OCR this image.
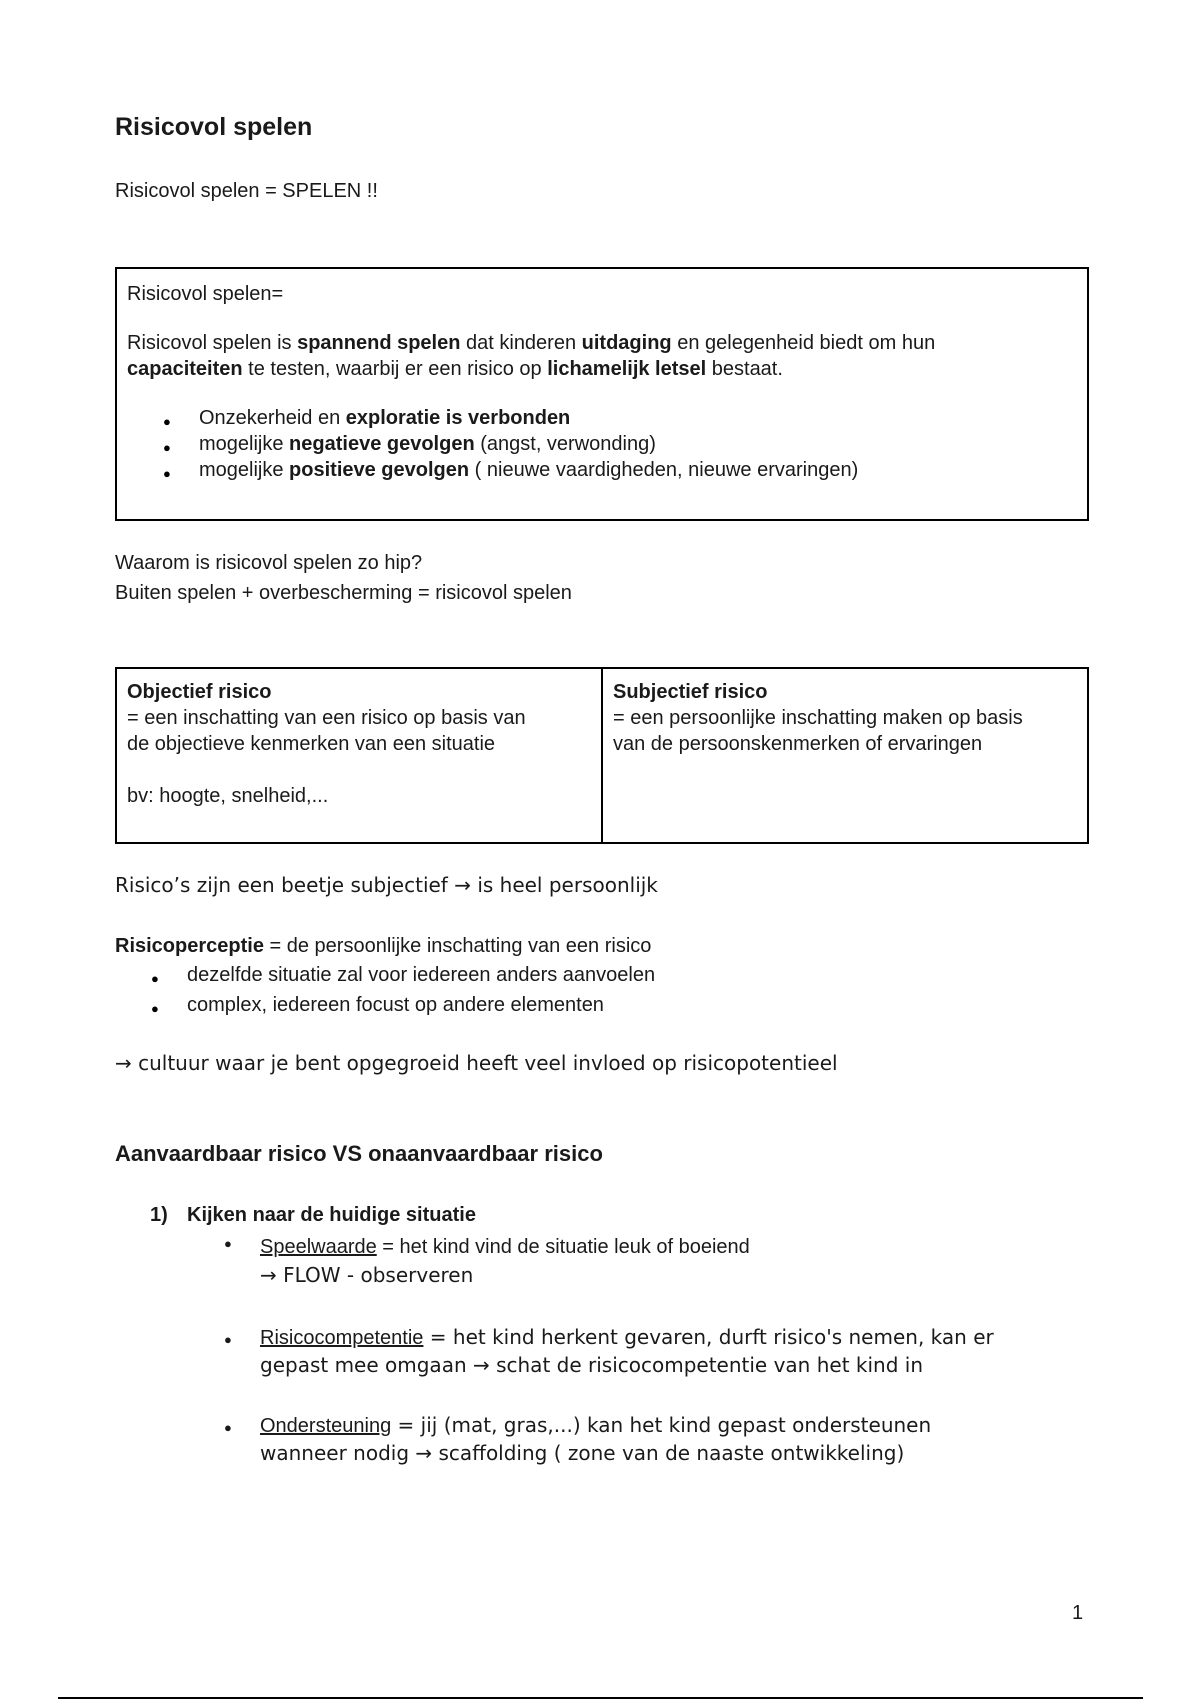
Risicovol spelen
Risicovol spelen = SPELEN !!
Risicovol spelen=
Risicovol spelen is spannend spelen dat kinderen uitdaging en gelegenheid biedt om hun
capaciteiten te testen, waarbij er een risico op lichamelijk letsel bestaat.
● Onzekerheid en exploratie is verbonden
● mogelijke negatieve gevolgen (angst, verwonding)
● mogelijke positieve gevolgen ( nieuwe vaardigheden, nieuwe ervaringen)
Waarom is risicovol spelen zo hip?
Buiten spelen + overbescherming = risicovol spelen
Objectief risico
= een inschatting van een risico op basis van
de objectieve kenmerken van een situatie
bv: hoogte, snelheid,...
Subjectief risico
= een persoonlijke inschatting maken op basis
van de persoonskenmerken of ervaringen
Risico’s zijn een beetje subjectief → is heel persoonlijk
Risicoperceptie = de persoonlijke inschatting van een risico
● dezelfde situatie zal voor iedereen anders aanvoelen
● complex, iedereen focust op andere elementen
→ cultuur waar je bent opgegroeid heeft veel invloed op risicopotentieel
Aanvaardbaar risico VS onaanvaardbaar risico
1) Kijken naar de huidige situatie
● Speelwaarde = het kind vind de situatie leuk of boeiend
→ FLOW - observeren
● Risicocompetentie = het kind herkent gevaren, durft risico's nemen, kan er
gepast mee omgaan → schat de risicocompetentie van het kind in
● Ondersteuning = jij (mat, gras,...) kan het kind gepast ondersteunen
wanneer nodig → scaffolding ( zone van de naaste ontwikkeling)
1
